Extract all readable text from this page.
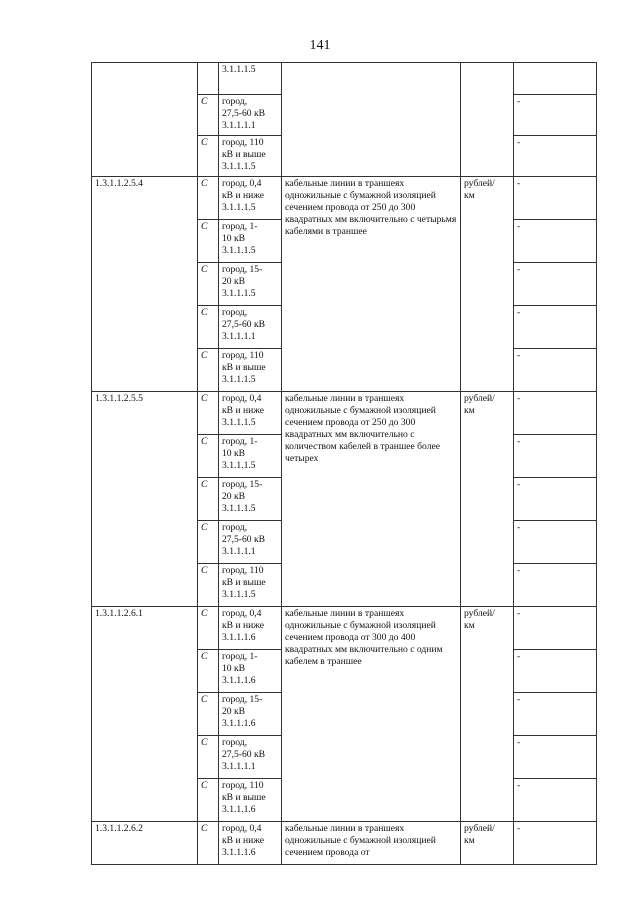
141

		3.1.1.1.5			

	С	город,
27,5-60 кВ
3.1.1.1.1			-
	С	город, 110
кВ и выше
3.1.1.1.5			-
1.3.1.1.2.5.4	С	город, 0,4
кВ и ниже
3.1.1.1.5	кабельные линии в траншеях одножильные с бумажной изоляцией сечением провода от 250 до 300 квадратных мм включительно с четырьмя кабелями в траншее	рублей/
км	-
	С	город, 1-
10 кВ
3.1.1.1.5			-
	С	город, 15-
20 кВ
3.1.1.1.5			-
	С	город,
27,5-60 кВ
3.1.1.1.1			-
	С	город, 110
кВ и выше
3.1.1.1.5			-
1.3.1.1.2.5.5	С	город, 0,4
кВ и ниже
3.1.1.1.5	кабельные линии в траншеях одножильные с бумажной изоляцией сечением провода от 250 до 300 квадратных мм включительно с количеством кабелей в траншее более четырех	рублей/
км	-
	С	город, 1-
10 кВ
3.1.1.1.5			-
	С	город, 15-
20 кВ
3.1.1.1.5			-
	С	город,
27,5-60 кВ
3.1.1.1.1			-
	С	город, 110
кВ и выше
3.1.1.1.5			-
1.3.1.1.2.6.1	С	город, 0,4
кВ и ниже
3.1.1.1.6	кабельные линии в траншеях одножильные с бумажной изоляцией сечением провода от 300 до 400 квадратных мм включительно с одним кабелем в траншее	рублей/
км	-
	С	город, 1-
10 кВ
3.1.1.1.6			-
	С	город, 15-
20 кВ
3.1.1.1.6			-
	С	город,
27,5-60 кВ
3.1.1.1.1			-
	С	город, 110
кВ и выше
3.1.1.1.6			-
1.3.1.1.2.6.2	С	город, 0,4
кВ и ниже
3.1.1.1.6	кабельные линии в траншеях одножильные с бумажной изоляцией сечением провода от	рублей/
км	-
